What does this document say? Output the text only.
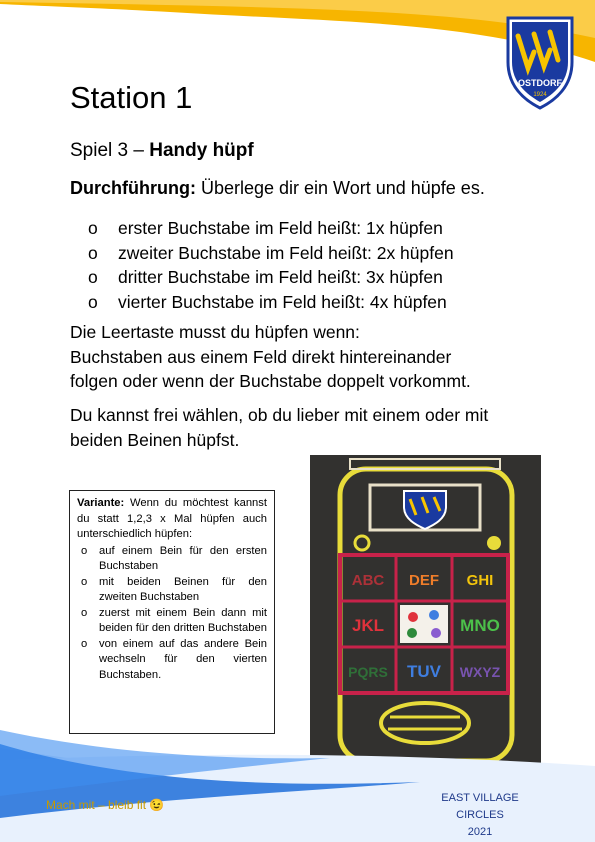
OSTDORF
1924
Station 1
Spiel 3 – Handy hüpf
Durchführung: Überlege dir ein Wort und hüpfe es.
o erster Buchstabe im Feld heißt: 1x hüpfen
o zweiter Buchstabe im Feld heißt: 2x hüpfen
o dritter Buchstabe im Feld heißt: 3x hüpfen
o vierter Buchstabe im Feld heißt: 4x hüpfen
Die Leertaste musst du hüpfen wenn:
Buchstaben aus einem Feld direkt hintereinander
folgen oder wenn der Buchstabe doppelt vorkommt.
Du kannst frei wählen, ob du lieber mit einem oder mit
beiden Beinen hüpfst.
Variante: Wenn du möchtest kannst du statt 1,2,3 x Mal hüpfen auch unterschiedlich hüpfen:
o auf einem Bein für den ersten Buchstaben
o mit beiden Beinen für den zweiten Buchstaben
o zuerst mit einem Bein dann mit beiden für den dritten Buchstaben
o von einem auf das andere Bein wechseln für den vierten Buchstaben.
ABC DEF GHI
JKL	MNO
PQRS TUV WXYZ
Mach mit – bleib fit 😉	EAST VILLAGE CIRCLES
2021
